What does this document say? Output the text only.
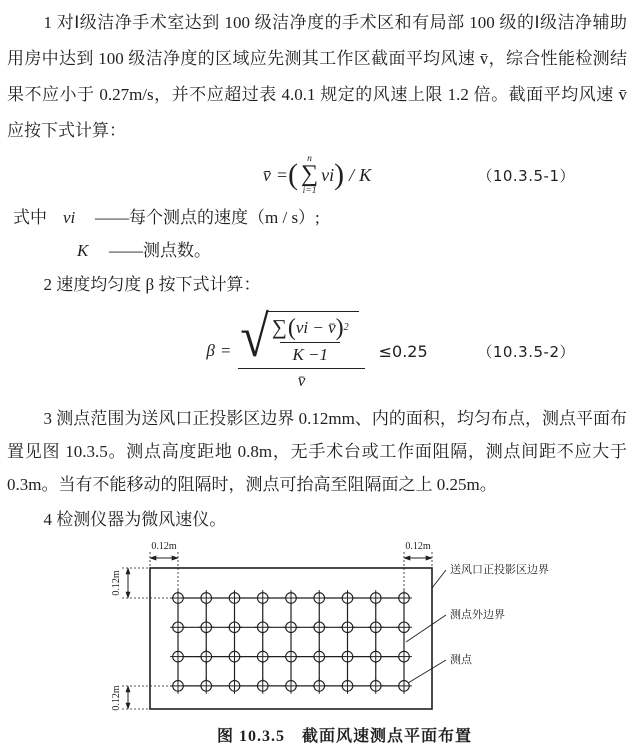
1 对Ⅰ级洁净手术室达到 100 级洁净度的手术区和有局部 100 级的Ⅰ级洁净辅助用房中达到 100 级洁净度的区域应先测其工作区截面平均风速 v̄，综合性能检测结果不应小于 0.27m/s，并不应超过表 4.0.1 规定的风速上限 1.2 倍。截面平均风速 v̄ 应按下式计算：

v̄ = ( n
∑
i=1
vi ) / K	（10.3.5-1）
式中 vi ——每个测点的速度（m / s）;
K ——测点数。

2 速度均匀度 β 按下式计算：

β = √ ∑ ( vi − v̄ ) 2
K −1
v̄
≤0.25	（10.3.5-2）

3 测点范围为送风口正投影区边界 0.12mm、内的面积，均匀布点，测点平面布置见图 10.3.5。测点高度距地 0.8m，无手术台或工作面阻隔，测点间距不应大于 0.3m。当有不能移动的阻隔时，测点可抬高至阻隔面之上 0.25m。

4 检测仪器为微风速仪。

0.12m	0.12m
0.12m
0.12m
送风口正投影区边界
测点外边界
测点
图 10.3.5　截面风速测点平面布置
